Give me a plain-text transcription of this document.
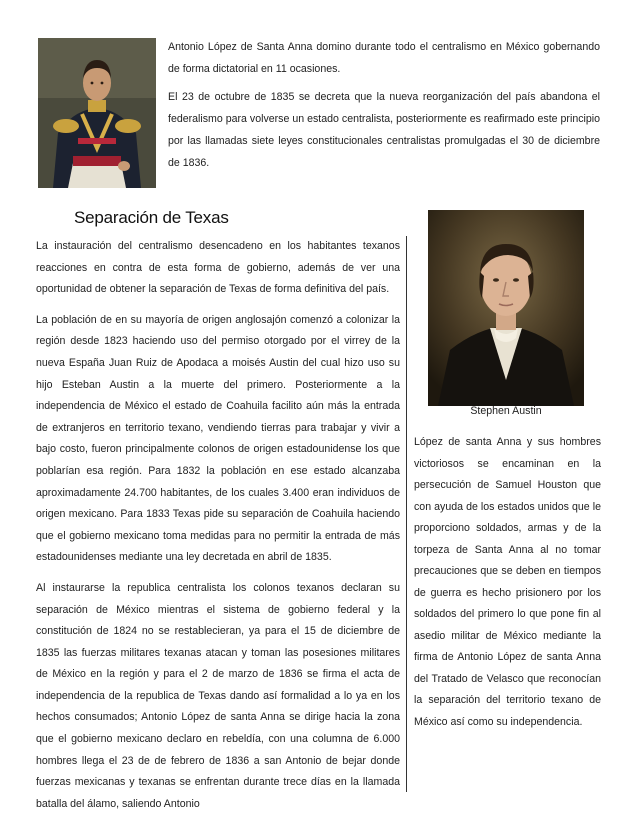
Antonio López de Santa Anna domino durante todo el centralismo en México gobernando de forma dictatorial en 11 ocasiones.

El 23 de octubre de 1835 se decreta que la nueva reorganización del país abandona el federalismo para volverse un estado centralista, posteriormente es reafirmado este principio por las llamadas siete leyes constitucionales centralistas promulgadas el 30 de diciembre de 1836.

Separación de Texas

La instauración del centralismo desencadeno en los habitantes texanos reacciones en contra de esta forma de gobierno, además de ver una oportunidad de obtener la separación de Texas de forma definitiva del país.

La población de en su mayoría de origen anglosajón comenzó a colonizar la región desde 1823 haciendo uso del permiso otorgado por el virrey de la nueva España Juan Ruiz de Apodaca a moisés Austin del cual hizo uso su hijo Esteban Austin a la muerte del primero. Posteriormente a la independencia de México el estado de Coahuila facilito aún más la entrada de extranjeros en territorio texano, vendiendo tierras para trabajar y vivir a bajo costo, fueron principalmente colonos de origen estadounidense los que poblarían esa región. Para 1832 la población en ese estado alcanzaba aproximadamente 24.700 habitantes, de los cuales 3.400 eran individuos de origen mexicano. Para 1833 Texas pide su separación de Coahuila haciendo que el gobierno mexicano toma medidas para no permitir la entrada de más estadounidenses mediante una ley decretada en abril de 1835.

Al instaurarse la republica centralista los colonos texanos declaran su separación de México mientras el sistema de gobierno federal y la constitución de 1824 no se restablecieran, ya para el 15 de diciembre de 1835 las fuerzas militares texanas atacan y toman las posesiones militares de México en la región y para el 2 de marzo de 1836 se firma el acta de independencia de la republica de Texas dando así formalidad a lo ya en los hechos consumados; Antonio López de santa Anna se dirige hacia la zona que el gobierno mexicano declaro en rebeldía, con una columna de 6.000 hombres llega el 23 de de febrero de 1836 a san Antonio de bejar donde fuerzas mexicanas y texanas se enfrentan durante trece días en la llamada batalla del álamo, saliendo Antonio

Stephen Austin

López de santa Anna y sus hombres victoriosos se encaminan en la persecución de Samuel Houston que con ayuda de los estados unidos que le proporciono soldados, armas y de la torpeza de Santa Anna al no tomar precauciones que se deben en tiempos de guerra es hecho prisionero por los soldados del primero lo que pone fin al asedio militar de México mediante la firma de Antonio López de santa Anna del Tratado de Velasco que reconocían la separación del territorio texano de México así como su independencia.
